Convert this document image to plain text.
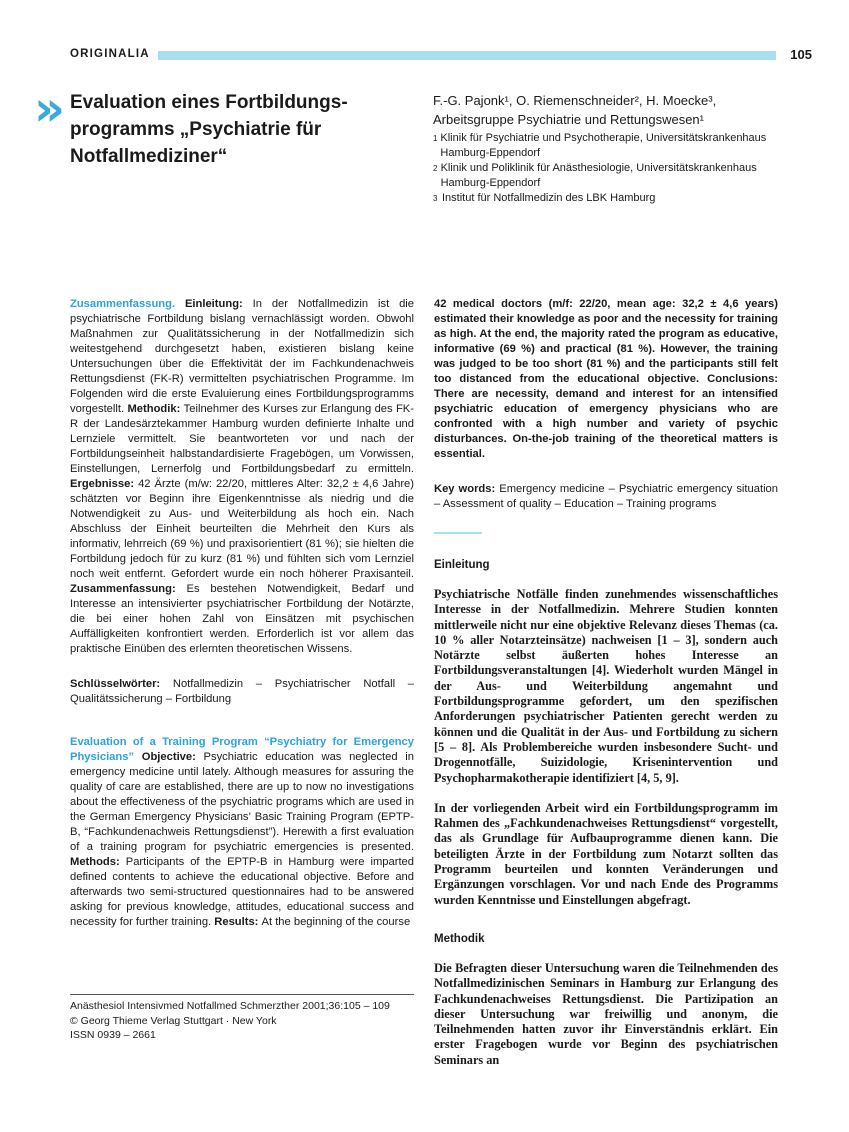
ORIGINALIA	105
» Evaluation eines Fortbildungsprogramms „Psychiatrie für Notfallmediziner“
F.-G. Pajonk¹, O. Riemenschneider², H. Moecke³,
Arbeitsgruppe Psychiatrie und Rettungswesen¹
1 Klinik für Psychiatrie und Psychotherapie, Universitätskrankenhaus Hamburg-Eppendorf
2 Klinik und Poliklinik für Anästhesiologie, Universitätskrankenhaus Hamburg-Eppendorf
3 Institut für Notfallmedizin des LBK Hamburg

Zusammenfassung. Einleitung: In der Notfallmedizin ist die psychiatrische Fortbildung bislang vernachlässigt worden. Obwohl Maßnahmen zur Qualitätssicherung in der Notfallmedizin sich weitestgehend durchgesetzt haben, existieren bislang keine Untersuchungen über die Effektivität der im Fachkundenachweis Rettungsdienst (FK-R) vermittelten psychiatrischen Programme. Im Folgenden wird die erste Evaluierung eines Fortbildungsprogramms vorgestellt. Methodik: Teilnehmer des Kurses zur Erlangung des FK-R der Landesärztekammer Hamburg wurden definierte Inhalte und Lernziele vermittelt. Sie beantworteten vor und nach der Fortbildungseinheit halbstandardisierte Fragebögen, um Vorwissen, Einstellungen, Lernerfolg und Fortbildungsbedarf zu ermitteln. Ergebnisse: 42 Ärzte (m/w: 22/20, mittleres Alter: 32,2 ± 4,6 Jahre) schätzten vor Beginn ihre Eigenkenntnisse als niedrig und die Notwendigkeit zu Aus- und Weiterbildung als hoch ein. Nach Abschluss der Einheit beurteilten die Mehrheit den Kurs als informativ, lehrreich (69 %) und praxisorientiert (81 %); sie hielten die Fortbildung jedoch für zu kurz (81 %) und fühlten sich vom Lernziel noch weit entfernt. Gefordert wurde ein noch höherer Praxisanteil. Zusammenfassung: Es bestehen Notwendigkeit, Bedarf und Interesse an intensivierter psychiatrischer Fortbildung der Notärzte, die bei einer hohen Zahl von Einsätzen mit psychischen Auffälligkeiten konfrontiert werden. Erforderlich ist vor allem das praktische Einüben des erlernten theoretischen Wissens.

Schlüsselwörter: Notfallmedizin – Psychiatrischer Notfall – Qualitätssicherung – Fortbildung

Evaluation of a Training Program “Psychiatry for Emergency Physicians” Objective: Psychiatric education was neglected in emergency medicine until lately. Although measures for assuring the quality of care are established, there are up to now no investigations about the effectiveness of the psychiatric programs which are used in the German Emergency Physicians’ Basic Training Program (EPTP-B, “Fachkundenachweis Rettungsdienst”). Herewith a first evaluation of a training program for psychiatric emergencies is presented. Methods: Participants of the EPTP-B in Hamburg were imparted defined contents to achieve the educational objective. Before and afterwards two semi-structured questionnaires had to be answered asking for previous knowledge, attitudes, educational success and necessity for further training. Results: At the beginning of the course

42 medical doctors (m/f: 22/20, mean age: 32,2 ± 4,6 years) estimated their knowledge as poor and the necessity for training as high. At the end, the majority rated the program as educative, informative (69 %) and practical (81 %). However, the training was judged to be too short (81 %) and the participants still felt too distanced from the educational objective. Conclusions: There are necessity, demand and interest for an intensified psychiatric education of emergency physicians who are confronted with a high number and variety of psychic disturbances. On-the-job training of the theoretical matters is essential.

Key words: Emergency medicine – Psychiatric emergency situation – Assessment of quality – Education – Training programs

Einleitung

Psychiatrische Notfälle finden zunehmendes wissenschaftliches Interesse in der Notfallmedizin. Mehrere Studien konnten mittlerweile nicht nur eine objektive Relevanz dieses Themas (ca. 10 % aller Notarzteinsätze) nachweisen [1 – 3], sondern auch Notärzte selbst äußerten hohes Interesse an Fortbildungsveranstaltungen [4]. Wiederholt wurden Mängel in der Aus- und Weiterbildung angemahnt und Fortbildungsprogramme gefordert, um den spezifischen Anforderungen psychiatrischer Patienten gerecht werden zu können und die Qualität in der Aus- und Fortbildung zu sichern [5 – 8]. Als Problembereiche wurden insbesondere Sucht- und Drogennotfälle, Suizidologie, Krisenintervention und Psychopharmakotherapie identifiziert [4, 5, 9].

In der vorliegenden Arbeit wird ein Fortbildungsprogramm im Rahmen des „Fachkundenachweises Rettungsdienst“ vorgestellt, das als Grundlage für Aufbauprogramme dienen kann. Die beteiligten Ärzte in der Fortbildung zum Notarzt sollten das Programm beurteilen und konnten Veränderungen und Ergänzungen vorschlagen. Vor und nach Ende des Programms wurden Kenntnisse und Einstellungen abgefragt.

Methodik

Die Befragten dieser Untersuchung waren die Teilnehmenden des Notfallmedizinischen Seminars in Hamburg zur Erlangung des Fachkundenachweises Rettungsdienst. Die Partizipation an dieser Untersuchung war freiwillig und anonym, die Teilnehmenden hatten zuvor ihr Einverständnis erklärt. Ein erster Fragebogen wurde vor Beginn des psychiatrischen Seminars an

Anästhesiol Intensivmed Notfallmed Schmerzther 2001;36:105 – 109
© Georg Thieme Verlag Stuttgart · New York
ISSN 0939 – 2661
